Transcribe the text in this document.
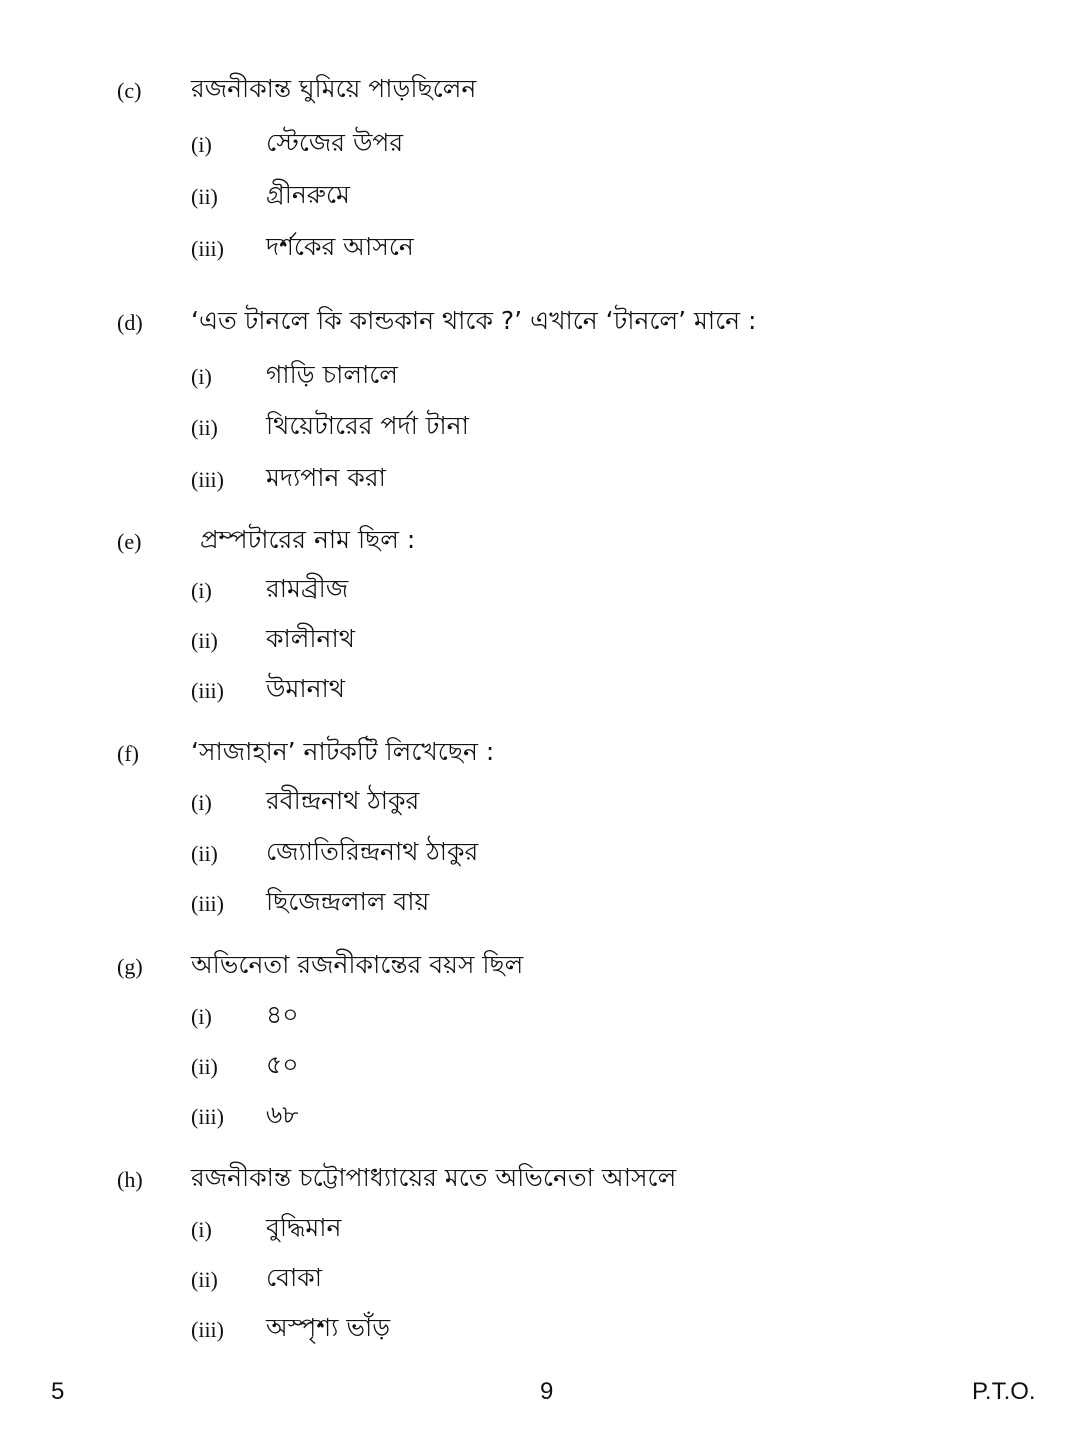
(c) রজনীকান্ত ঘুমিয়ে পাড়ছিলেন
(i) স্টেজের উপর
(ii) গ্রীনরুমে
(iii) দর্শকের আসনে
(d) ‘এত টানলে কি কান্ডকান থাকে ?’ এখানে ‘টানলে’ মানে :
(i) গাড়ি চালালে
(ii) থিয়েটারের পর্দা টানা
(iii) মদ্যপান করা
(e) প্রম্পটারের নাম ছিল :
(i) রামব্রীজ
(ii) কালীনাথ
(iii) উমানাথ
(f) ‘সাজাহান’ নাটকটি লিখেছেন :
(i) রবীন্দ্রনাথ ঠাকুর
(ii) জ্যোতিরিন্দ্রনাথ ঠাকুর
(iii) ছিজেন্দ্রলাল বায়
(g) অভিনেতা রজনীকান্তের বয়স ছিল
(i) ৪০
(ii) ৫০
(iii) ৬৮
(h) রজনীকান্ত চট্টোপাধ্যায়ের মতে অভিনেতা আসলে
(i) বুদ্ধিমান
(ii) বোকা
(iii) অস্পৃশ্য ভাঁড়
5	9	P.T.O.
